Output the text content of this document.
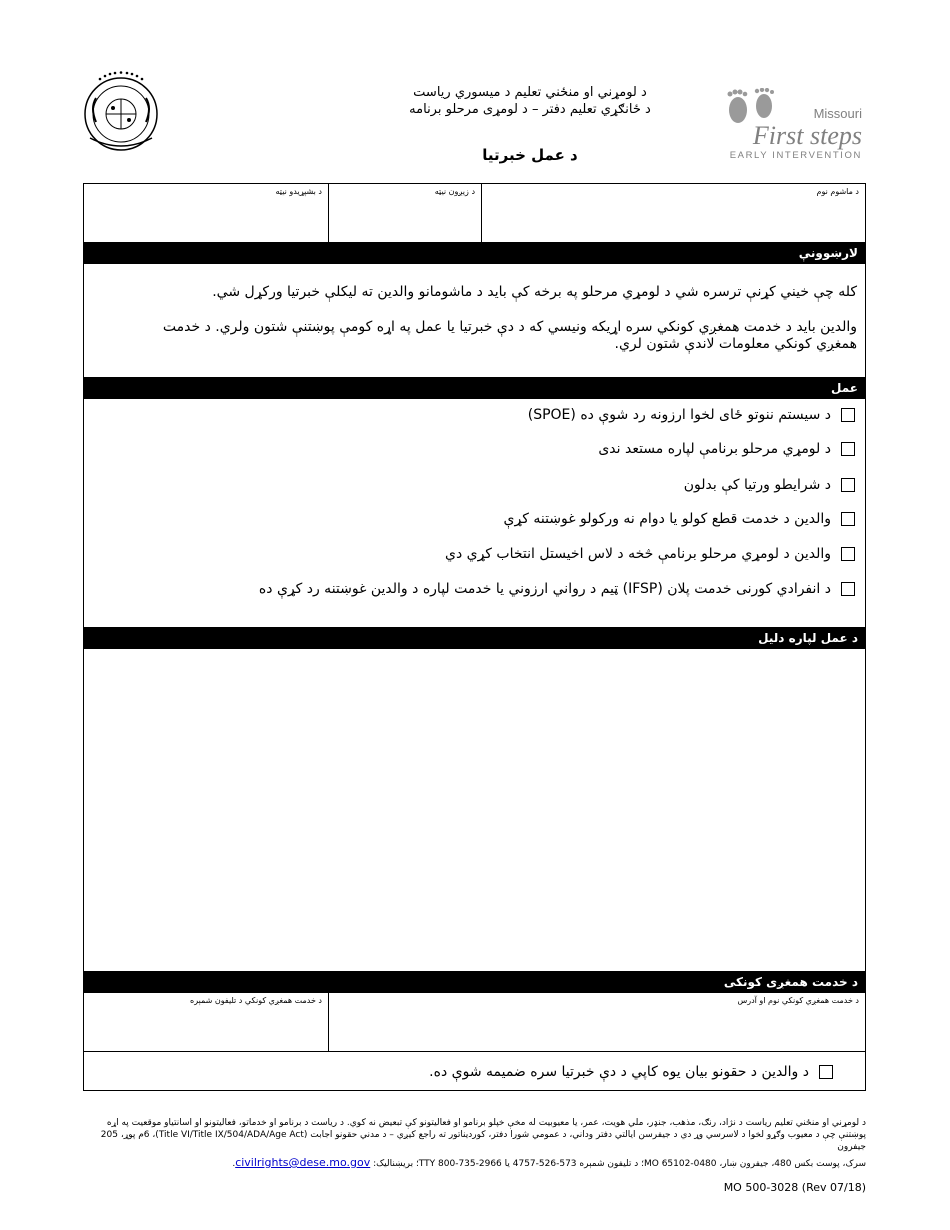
Missouri
First steps
EARLY INTERVENTION
د لومړني او منځني تعليم د ميسوري رياست
د ځانګړي تعليم دفتر – د لومړی مرحلو برنامه
د عمل خبرتيا
د ماشوم نوم
د زیږون نیټه
د بشپړیدو نیټه
لارښوونې

کله چې خيني کړنې ترسره شي د لومړي مرحلو په برخه کې باید د ماشومانو والدين ته ليکلې خبرتيا ورکړل شي.

والدین باید د خدمت همغږي کونکي سره اړیکه ونیسي که د دې خبرتیا یا عمل په اړه کومې پوښتنې شتون ولري. د خدمت همغږي کونکي معلومات لاندې شتون لري.

عمل
د سیستم ننوتو ځای لخوا ارزونه رد شوې ده (SPOE)
د لومړي مرحلو برنامې لپاره مستعد ندی
د شرايطو ورتيا کې بدلون
والدين د خدمت قطع کولو يا دوام نه ورکولو غوښتنه کړې
والدين د لومړي مرحلو برنامې څخه د لاس اخيستل انتخاب کړي دي
د انفرادي کورنی خدمت پلان (IFSP) ټيم د رواني ارزوني يا خدمت لپاره د والدين غوښتنه رد کړې ده
د عمل لپاره دليل
د خدمت همغږی کونکی
د خدمت همغږي کونکي نوم او آدرس
د خدمت همغږي کونکي د تلیفون شمېره
د والدين د حقونو بيان يوه کاپي د دې خبرتيا سره ضميمه شوې ده.

د لومړني او منځني تعليم رياست د نژاد، رنګ، مذهب، جنډر، ملي هويت، عمر، يا معيوبيت له مخې خپلو برنامو او فعاليتونو کې تبعيض نه کوي. د رياست د برنامو او خدماتو، فعاليتونو او اسانتياو موقعيت په اړه پوښتنې چې د معيوب وګړو لخوا د لاسرسي وړ دي د جيفرسن ايالتي دفتر وداني، د عمومي شورا دفتر، کوردیناتور ته راجع کيږي – د مدني حقونو اجابت (Title VI/Title IX/504/ADA/Age Act)، 6م پوړ، 205 جيفرون

سرک، پوست بکس 480، جيفرون ښار، MO 65102-0480؛ د تليفون شمېره 573-526-4757 يا TTY 800-735-2966؛ بريښناليک: civilrights@dese.mo.gov.

MO 500-3028 (Rev 07/18)
